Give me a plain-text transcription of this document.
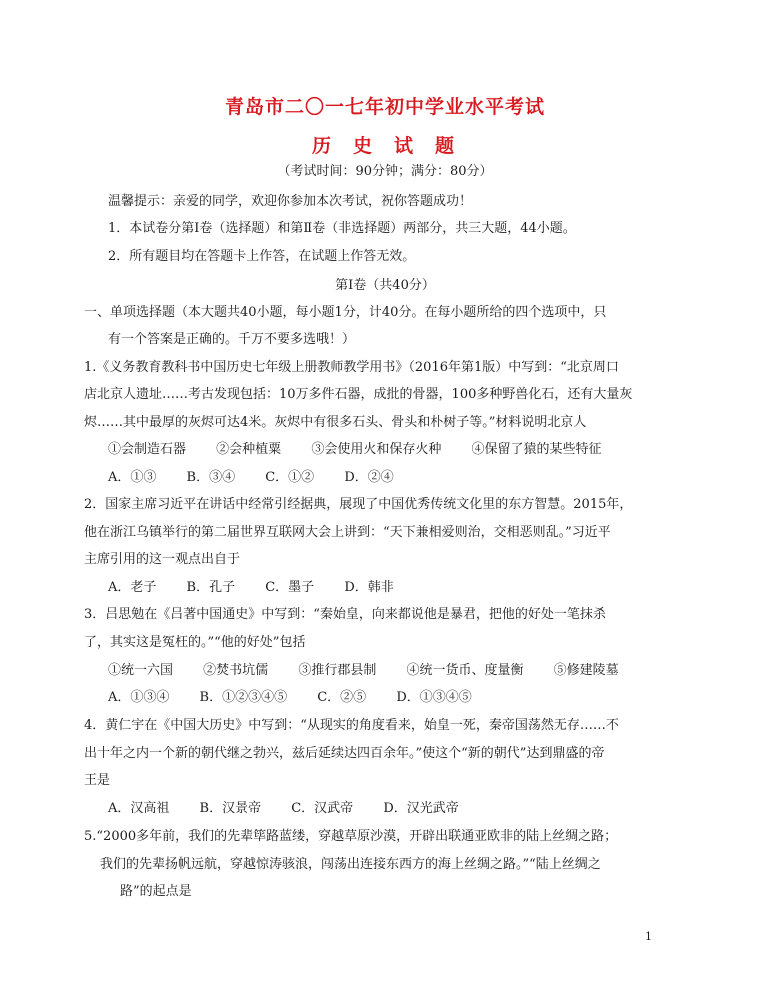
青岛市二〇一七年初中学业水平考试
历史试题
（考试时间：90分钟；满分：80分）
温馨提示：亲爱的同学，欢迎你参加本次考试，祝你答题成功！
1．本试卷分第Ⅰ卷（选择题）和第Ⅱ卷（非选择题）两部分，共三大题，44小题。
2．所有题目均在答题卡上作答，在试题上作答无效。
第Ⅰ卷（共40分）
一、单项选择题（本大题共40小题，每小题1分，计40分。在每小题所给的四个选项中，只
有一个答案是正确的。千万不要多选哦！）
1.《义务教育教科书中国历史七年级上册教师教学用书》（2016年第1版）中写到：“北京周口
店北京人遗址……考古发现包括：10万多件石器，成批的骨器，100多种野兽化石，还有大量灰
烬……其中最厚的灰烬可达4米。灰烬中有很多石头、骨头和朴树子等。”材料说明北京人
①会制造石器 ②会种植粟 ③会使用火和保存火种 ④保留了猿的某些特征
A．①③ B．③④ C．①② D．②④
2．国家主席习近平在讲话中经常引经据典，展现了中国优秀传统文化里的东方智慧。2015年，
他在浙江乌镇举行的第二届世界互联网大会上讲到：“天下兼相爱则治，交相恶则乱。”习近平
主席引用的这一观点出自于
A．老子 B．孔子 C．墨子 D．韩非
3．吕思勉在《吕著中国通史》中写到：“秦始皇，向来都说他是暴君，把他的好处一笔抹杀
了，其实这是冤枉的。”“他的好处”包括
①统一六国 ②焚书坑儒 ③推行郡县制 ④统一货币、度量衡 ⑤修建陵墓
A．①③④ B．①②③④⑤ C．②⑤ D．①③④⑤
4．黄仁宇在《中国大历史》中写到：“从现实的角度看来，始皇一死，秦帝国荡然无存……不
出十年之内一个新的朝代继之勃兴，兹后延续达四百余年。”使这个“新的朝代”达到鼎盛的帝
王是
A．汉高祖 B．汉景帝 C．汉武帝 D．汉光武帝
5.“2000多年前，我们的先辈筚路蓝缕，穿越草原沙漠，开辟出联通亚欧非的陆上丝绸之路；
我们的先辈扬帆远航，穿越惊涛骇浪，闯荡出连接东西方的海上丝绸之路。”“陆上丝绸之
路”的起点是
1
